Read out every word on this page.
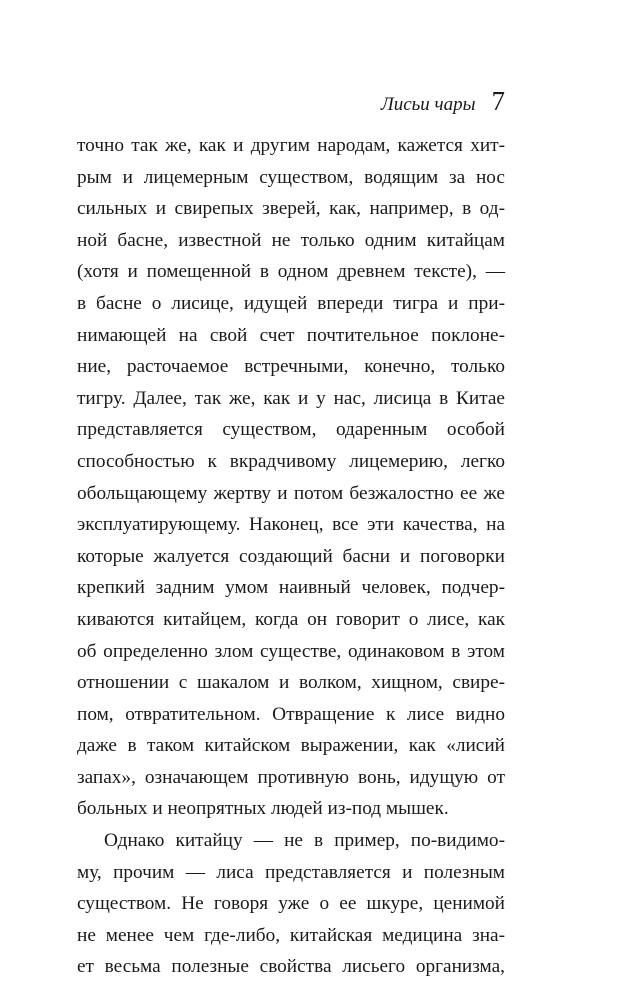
Лисьи чары 7
точно так же, как и другим народам, кажется хит-
рым и лицемерным существом, водящим за нос
сильных и свирепых зверей, как, например, в од-
ной басне, известной не только одним китайцам
(хотя и помещенной в одном древнем тексте), —
в басне о лисице, идущей впереди тигра и при-
нимающей на свой счет почтительное поклоне-
ние, расточаемое встречными, конечно, только
тигру. Далее, так же, как и у нас, лисица в Китае
представляется существом, одаренным особой
способностью к вкрадчивому лицемерию, легко
обольщающему жертву и потом безжалостно ее же
эксплуатирующему. Наконец, все эти качества, на
которые жалуется создающий басни и поговорки
крепкий задним умом наивный человек, подчер-
киваются китайцем, когда он говорит о лисе, как
об определенно злом существе, одинаковом в этом
отношении с шакалом и волком, хищном, свире-
пом, отвратительном. Отвращение к лисе видно
даже в таком китайском выражении, как «лисий
запах», означающем противную вонь, идущую от
больных и неопрятных людей из-под мышек.
Однако китайцу — не в пример, по-видимо-
му, прочим — лиса представляется и полезным
существом. Не говоря уже о ее шкуре, ценимой
не менее чем где-либо, китайская медицина зна-
ет весьма полезные свойства лисьего организма,
